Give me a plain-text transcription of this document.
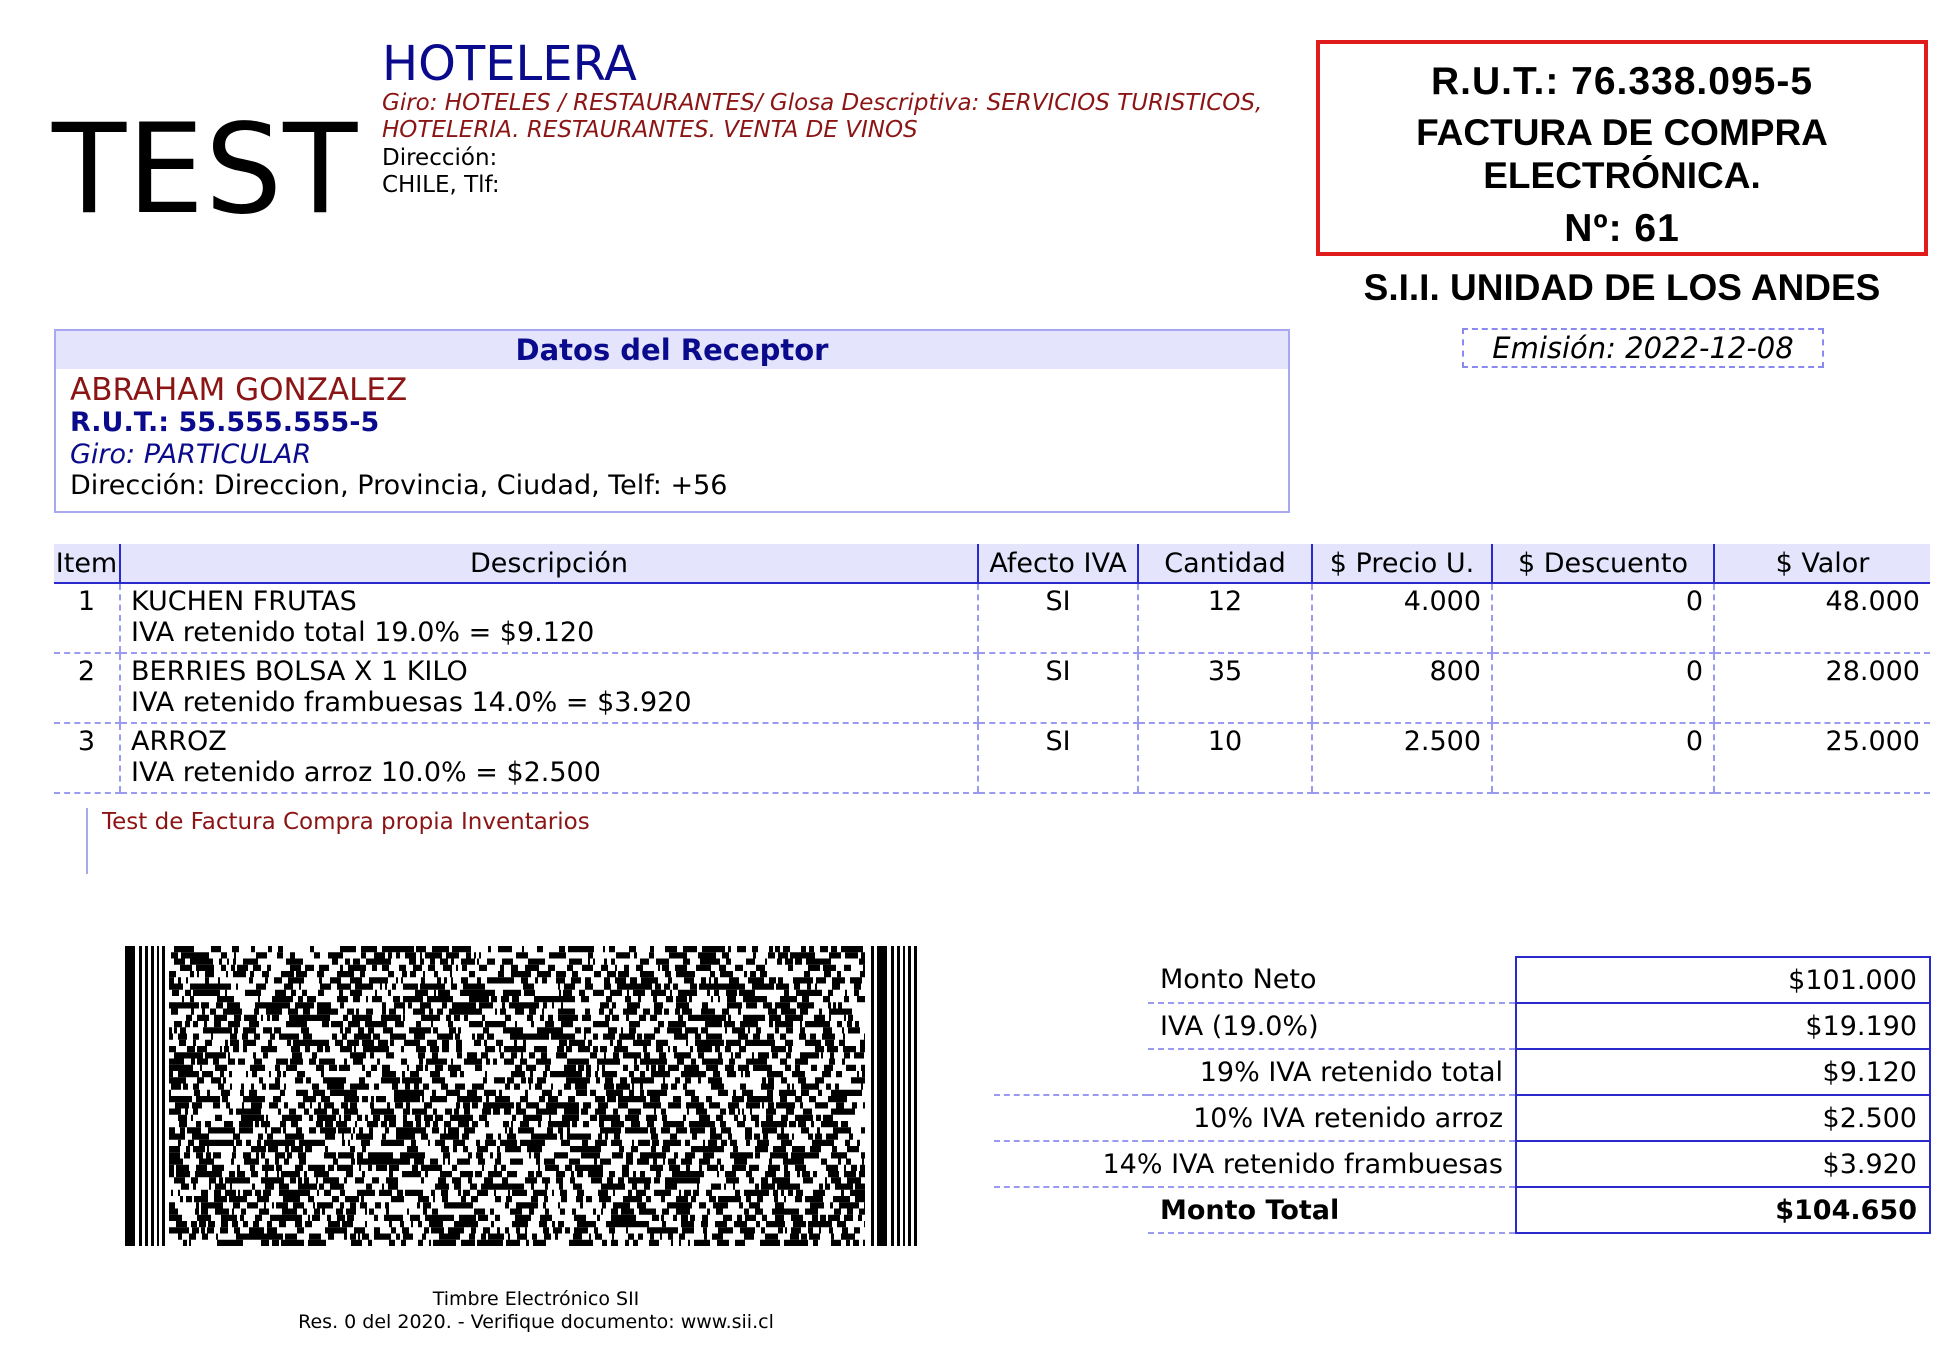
TEST
HOTELERA
Giro: HOTELES / RESTAURANTES/ Glosa Descriptiva: SERVICIOS TURISTICOS, HOTELERIA. RESTAURANTES. VENTA DE VINOS
Dirección:
CHILE, Tlf:
R.U.T.: 76.338.095-5
FACTURA DE COMPRA
ELECTRÓNICA.
Nº: 61
S.I.I. UNIDAD DE LOS ANDES
Emisión: 2022-12-08
Datos del Receptor
ABRAHAM GONZALEZ
R.U.T.: 55.555.555-5
Giro: PARTICULAR
Dirección: Direccion, Provincia, Ciudad, Telf: +56
Item	Descripción	Afecto IVA	Cantidad	$ Precio U.	$ Descuento	$ Valor
1	KUCHEN FRUTAS
IVA retenido total 19.0% = $9.120	SI	12	4.000	0	48.000
2	BERRIES BOLSA X 1 KILO
IVA retenido frambuesas 14.0% = $3.920	SI	35	800	0	28.000
3	ARROZ
IVA retenido arroz 10.0% = $2.500	SI	10	2.500	0	25.000
Test de Factura Compra propia Inventarios
Timbre Electrónico SII
Res. 0 del 2020. - Verifique documento: www.sii.cl
	Monto Neto	$101.000
	IVA (19.0%)	$19.190
19% IVA retenido total		$9.120
10% IVA retenido arroz		$2.500
14% IVA retenido frambuesas		$3.920
	Monto Total	$104.650
